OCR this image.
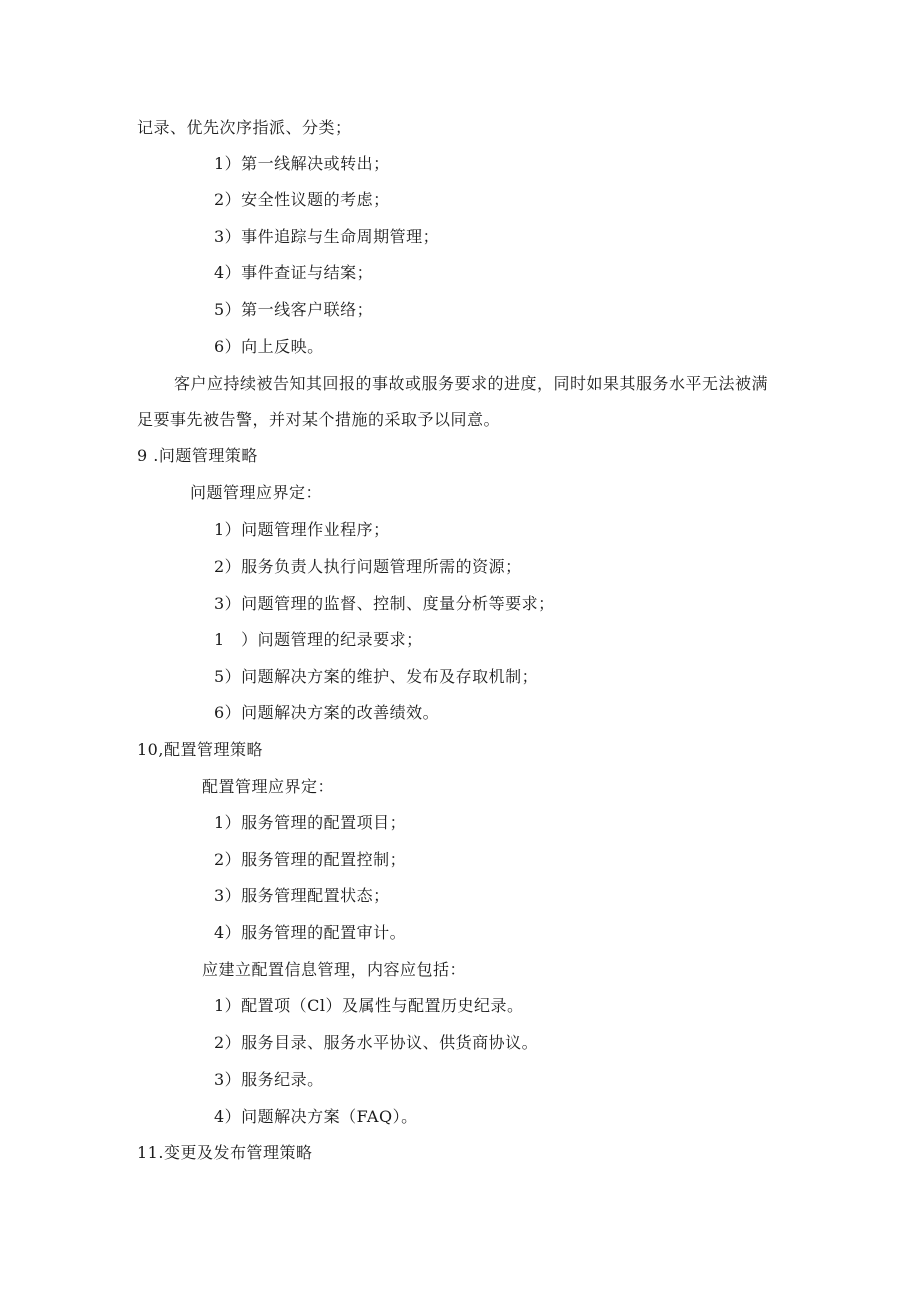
记录、优先次序指派、分类；
1）第一线解决或转出；
2）安全性议题的考虑；
3）事件追踪与生命周期管理；
4）事件查证与结案；
5）第一线客户联络；
6）向上反映。
客户应持续被告知其回报的事故或服务要求的进度，同时如果其服务水平无法被满
足要事先被告警，并对某个措施的采取予以同意。
9 .问题管理策略
问题管理应界定：
1）问题管理作业程序；
2）服务负责人执行问题管理所需的资源；
3）问题管理的监督、控制、度量分析等要求；
1　）问题管理的纪录要求；
5）问题解决方案的维护、发布及存取机制；
6）问题解决方案的改善绩效。
10,配置管理策略
配置管理应界定：
1）服务管理的配置项目；
2）服务管理的配置控制；
3）服务管理配置状态；
4）服务管理的配置审计。
应建立配置信息管理，内容应包括：
1）配置项（Cl）及属性与配置历史纪录。
2）服务目录、服务水平协议、供货商协议。
3）服务纪录。
4）问题解决方案（FAQ）。
11.变更及发布管理策略
